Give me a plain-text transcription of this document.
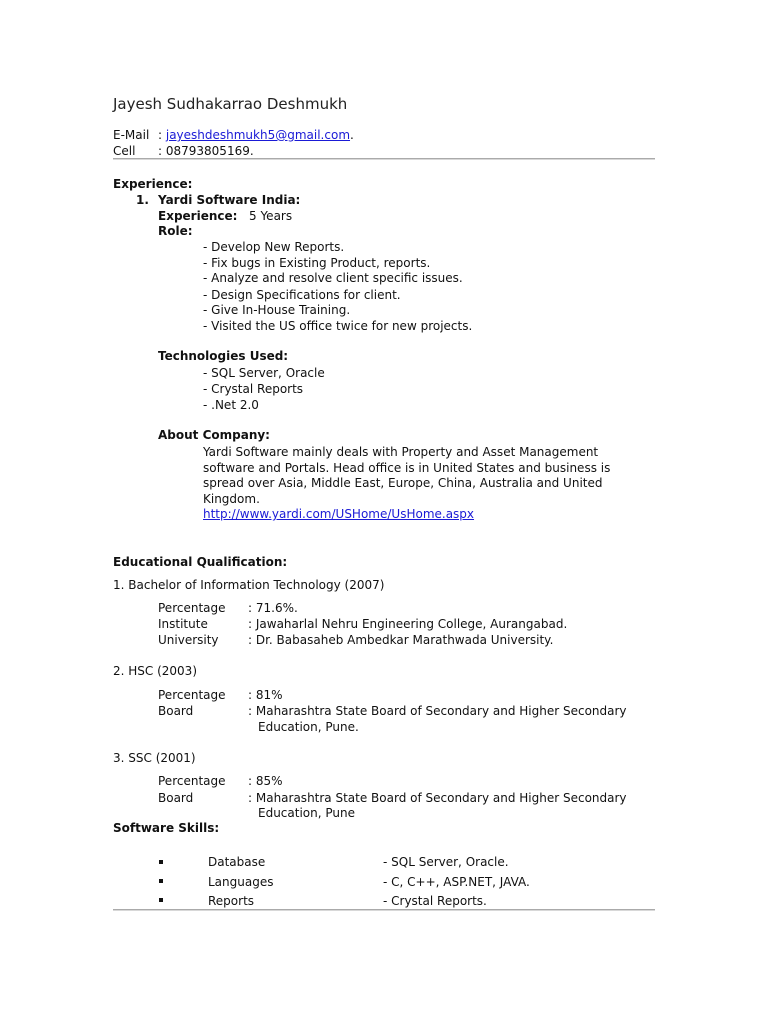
Jayesh Sudhakarrao Deshmukh
E-Mail : jayeshdeshmukh5@gmail.com.
Cell : 08793805169.
Experience:
1. Yardi Software India:
Experience: 5 Years
Role:
- Develop New Reports.
- Fix bugs in Existing Product, reports.
- Analyze and resolve client specific issues.
- Design Specifications for client.
- Give In-House Training.
- Visited the US office twice for new projects.
Technologies Used:
- SQL Server, Oracle
- Crystal Reports
- .Net 2.0
About Company:
Yardi Software mainly deals with Property and Asset Management
software and Portals. Head office is in United States and business is
spread over Asia, Middle East, Europe, China, Australia and United
Kingdom.
http://www.yardi.com/USHome/UsHome.aspx
Educational Qualification:
1. Bachelor of Information Technology (2007)
Percentage : 71.6%.
Institute	: Jawaharlal Nehru Engineering College, Aurangabad.
University : Dr. Babasaheb Ambedkar Marathwada University.
2. HSC (2003)
Percentage : 81%
Board	: Maharashtra State Board of Secondary and Higher Secondary
Education, Pune.
3. SSC (2001)
Percentage : 85%
Board	: Maharashtra State Board of Secondary and Higher Secondary
Education, Pune
Software Skills:
Database	- SQL Server, Oracle.
Languages	- C, C++, ASP.NET, JAVA.
Reports	- Crystal Reports.
